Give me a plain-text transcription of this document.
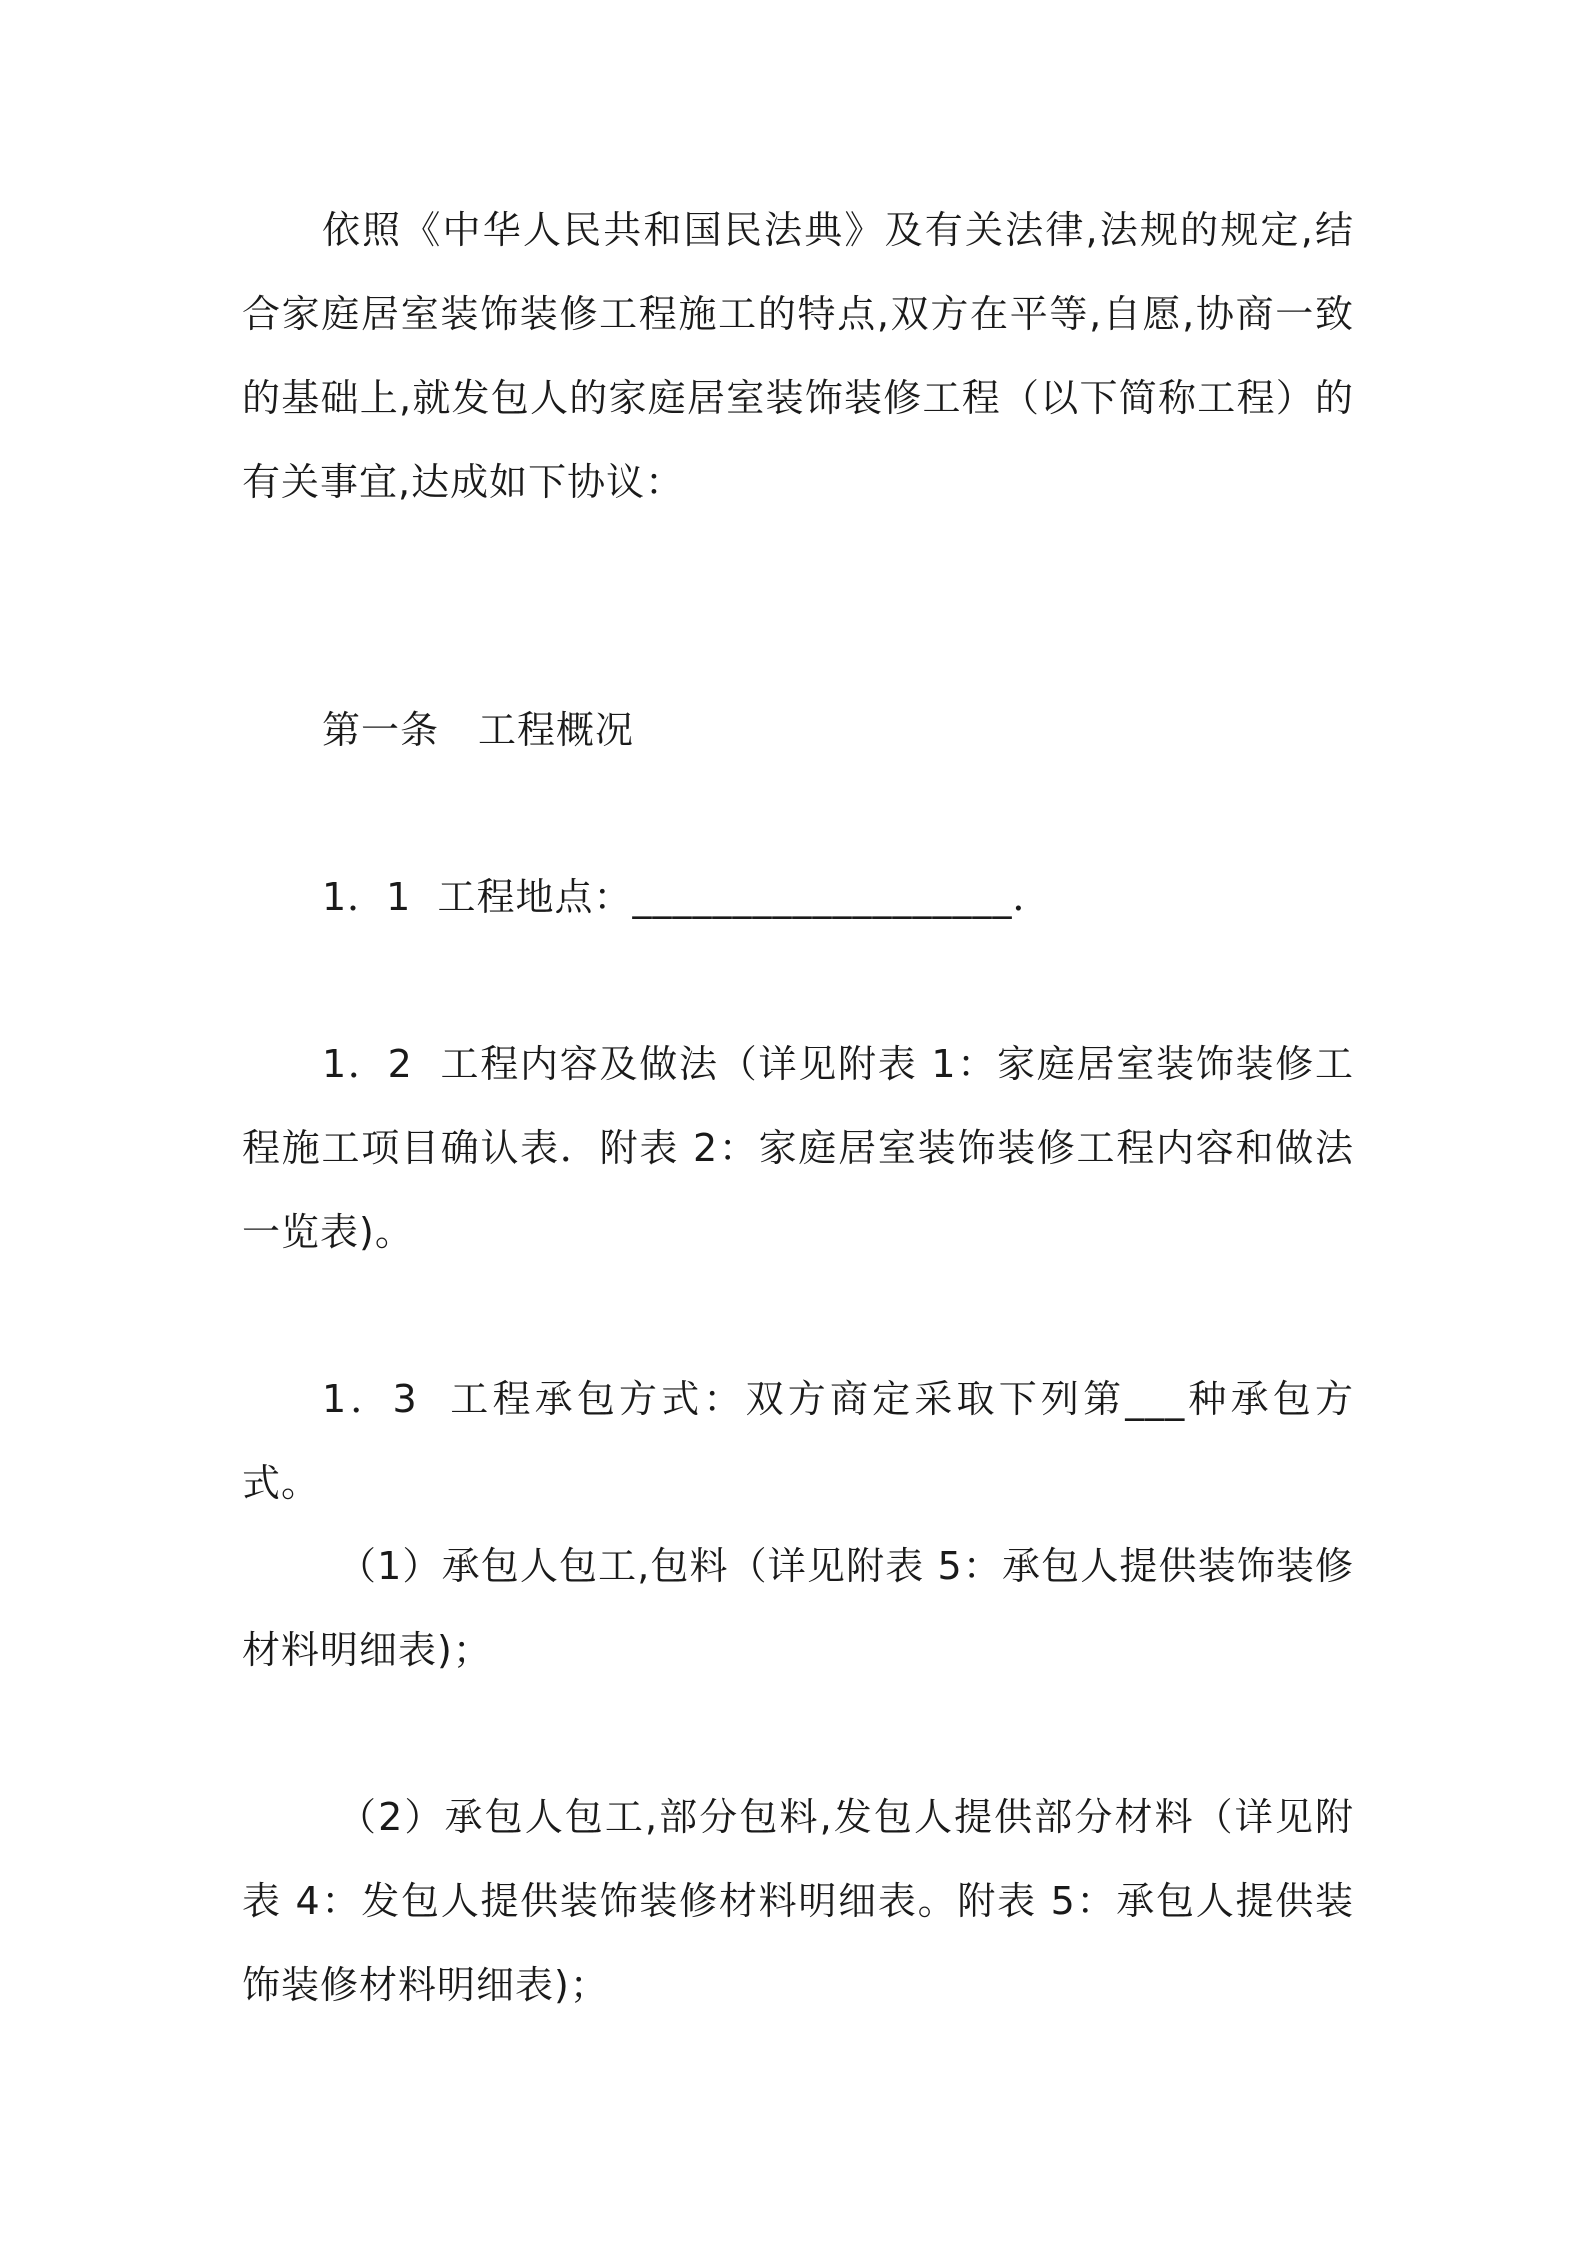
依照《中华人民共和国民法典》及有关法律,法规的规定,结合家庭居室装饰装修工程施工的特点,双方在平等,自愿,协商一致的基础上,就发包人的家庭居室装饰装修工程（以下简称工程）的有关事宜,达成如下协议：

第一条　工程概况

1．1  工程地点：___________________．

1．2  工程内容及做法（详见附表 1：家庭居室装饰装修工程施工项目确认表．附表 2：家庭居室装饰装修工程内容和做法一览表)。

1．3  工程承包方式：双方商定采取下列第___种承包方式。

（1）承包人包工,包料（详见附表 5：承包人提供装饰装修材料明细表)；

（2）承包人包工,部分包料,发包人提供部分材料（详见附表 4：发包人提供装饰装修材料明细表。附表 5：承包人提供装饰装修材料明细表)；
